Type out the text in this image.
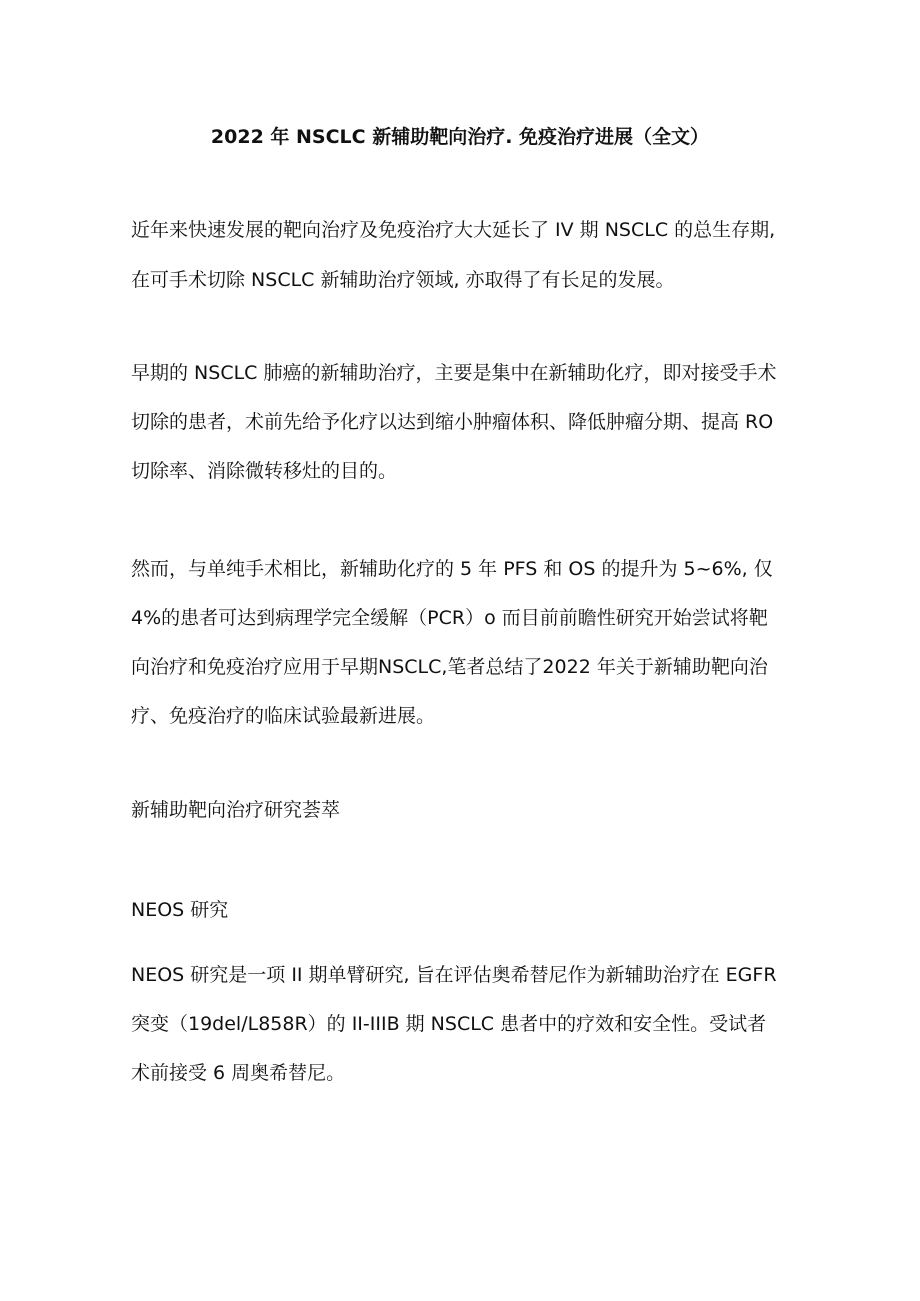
2022 年 NSCLC 新辅助靶向治疗. 免疫治疗进展（全文）
近年来快速发展的靶向治疗及免疫治疗大大延长了 IV 期 NSCLC 的总生存期,
在可手术切除 NSCLC 新辅助治疗领域, 亦取得了有长足的发展。
早期的 NSCLC 肺癌的新辅助治疗，主要是集中在新辅助化疗，即对接受手术
切除的患者，术前先给予化疗以达到缩小肿瘤体积、降低肿瘤分期、提高 RO
切除率、消除微转移灶的目的。
然而，与单纯手术相比，新辅助化疗的 5 年 PFS 和 OS 的提升为 5~6%, 仅
4%的患者可达到病理学完全缓解（PCR）o 而目前前瞻性研究开始尝试将靶
向治疗和免疫治疗应用于早期NSCLC,笔者总结了2022 年关于新辅助靶向治
疗、免疫治疗的临床试验最新进展。
新辅助靶向治疗研究荟萃
NEOS 研究
NEOS 研究是一项 II 期单臂研究, 旨在评估奥希替尼作为新辅助治疗在 EGFR
突变（19del∕L858R）的 II-IIIB 期 NSCLC 患者中的疗效和安全性。受试者
术前接受 6 周奥希替尼。
